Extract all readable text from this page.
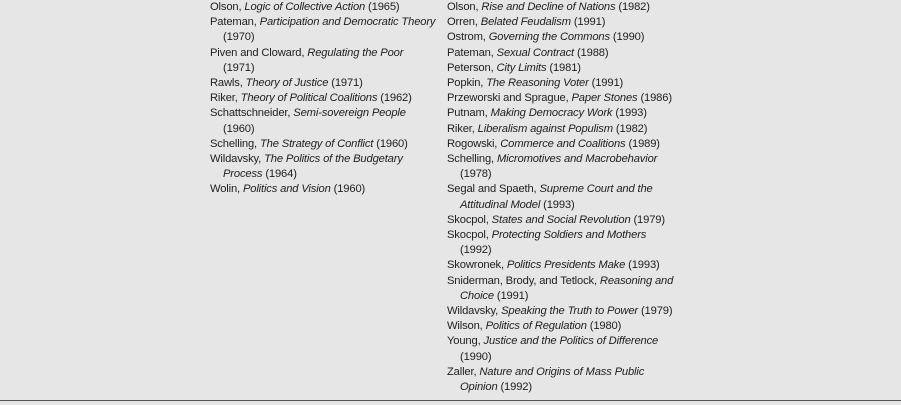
Olson, Logic of Collective Action (1965)
Pateman, Participation and Democratic Theory
(1970)
Piven and Cloward, Regulating the Poor
(1971)
Rawls, Theory of Justice (1971)
Riker, Theory of Political Coalitions (1962)
Schattschneider, Semi-sovereign People
(1960)
Schelling, The Strategy of Conflict (1960)
Wildavsky, The Politics of the Budgetary
Process (1964)
Wolin, Politics and Vision (1960)
Olson, Rise and Decline of Nations (1982)
Orren, Belated Feudalism (1991)
Ostrom, Governing the Commons (1990)
Pateman, Sexual Contract (1988)
Peterson, City Limits (1981)
Popkin, The Reasoning Voter (1991)
Przeworski and Sprague, Paper Stones (1986)
Putnam, Making Democracy Work (1993)
Riker, Liberalism against Populism (1982)
Rogowski, Commerce and Coalitions (1989)
Schelling, Micromotives and Macrobehavior
(1978)
Segal and Spaeth, Supreme Court and the
Attitudinal Model (1993)
Skocpol, States and Social Revolution (1979)
Skocpol, Protecting Soldiers and Mothers
(1992)
Skowronek, Politics Presidents Make (1993)
Sniderman, Brody, and Tetlock, Reasoning and
Choice (1991)
Wildavsky, Speaking the Truth to Power (1979)
Wilson, Politics of Regulation (1980)
Young, Justice and the Politics of Difference
(1990)
Zaller, Nature and Origins of Mass Public
Opinion (1992)
